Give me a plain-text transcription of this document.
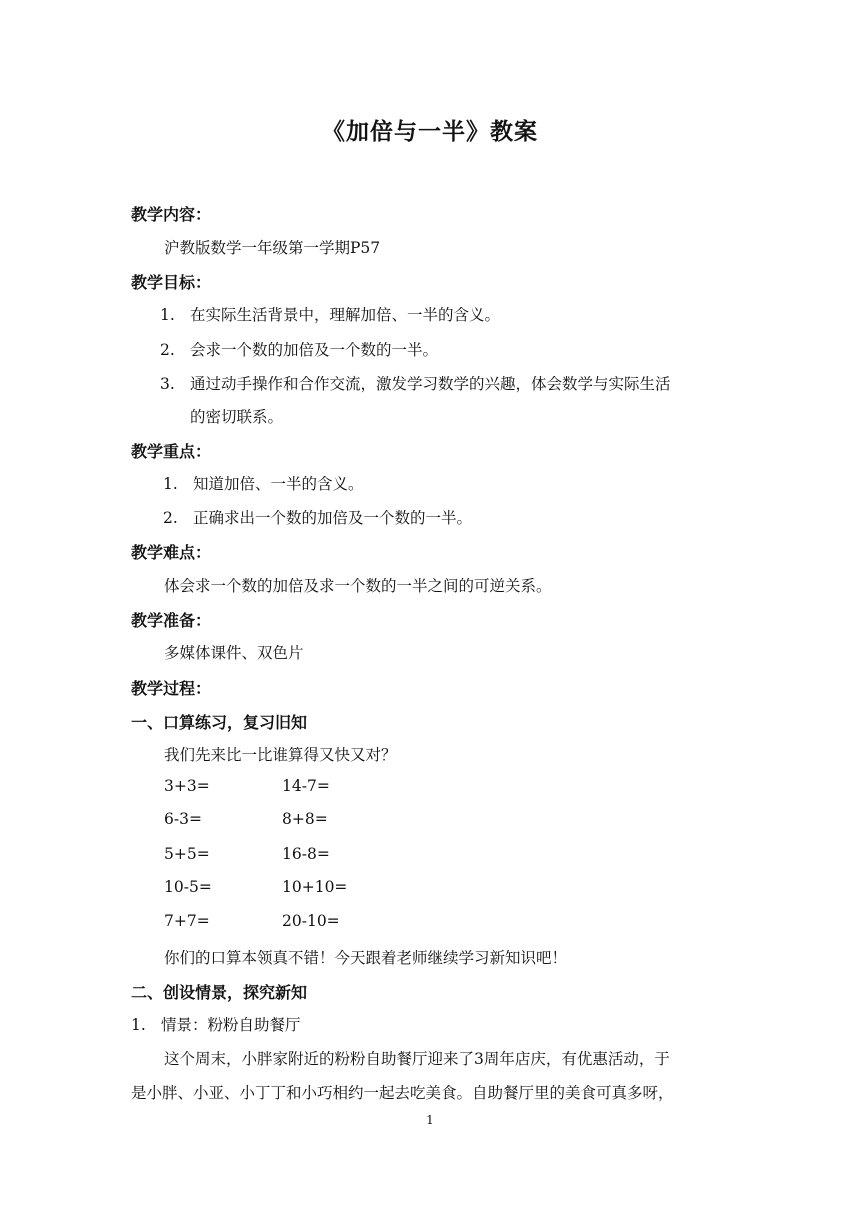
《加倍与一半》教案
教学内容：
沪教版数学一年级第一学期P57
教学目标：
1. 在实际生活背景中，理解加倍、一半的含义。
2. 会求一个数的加倍及一个数的一半。
3. 通过动手操作和合作交流，激发学习数学的兴趣，体会数学与实际生活
的密切联系。
教学重点：
1. 知道加倍、一半的含义。
2. 正确求出一个数的加倍及一个数的一半。
教学难点：
体会求一个数的加倍及求一个数的一半之间的可逆关系。
教学准备：
多媒体课件、双色片
教学过程：
一、口算练习，复习旧知
我们先来比一比谁算得又快又对？
3+3=	14-7=
6-3=	8+8=
5+5=	16-8=
10-5=	10+10=
7+7=	20-10=
你们的口算本领真不错！今天跟着老师继续学习新知识吧！
二、创设情景，探究新知
1. 情景：粉粉自助餐厅
这个周末，小胖家附近的粉粉自助餐厅迎来了3周年店庆，有优惠活动，于
是小胖、小亚、小丁丁和小巧相约一起去吃美食。自助餐厅里的美食可真多呀，
1
